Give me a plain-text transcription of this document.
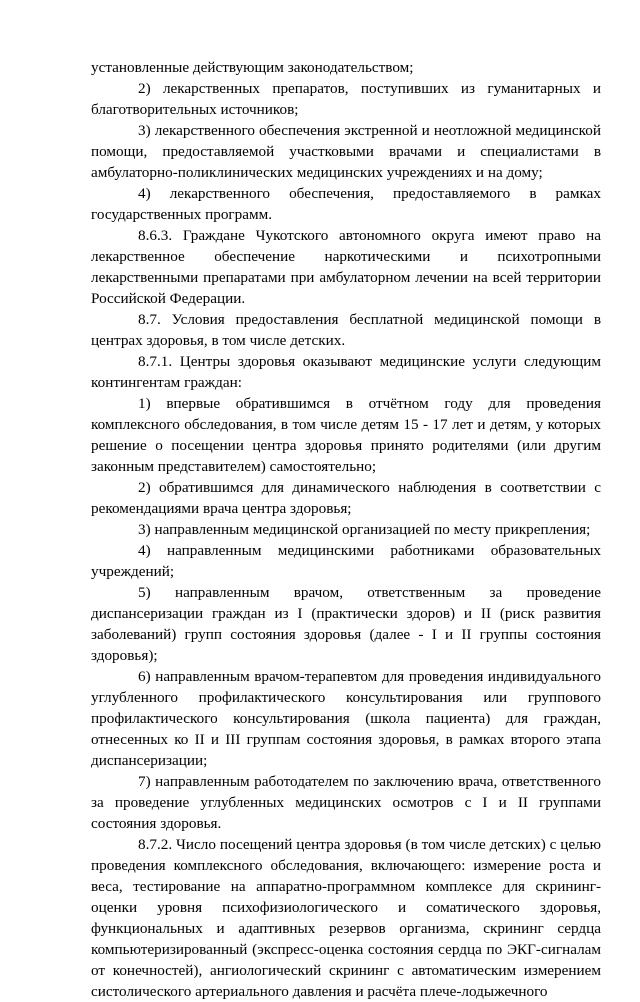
установленные действующим законодательством;

2) лекарственных препаратов, поступивших из гуманитарных и благотворительных источников;

3) лекарственного обеспечения экстренной и неотложной медицинской помощи, предоставляемой участковыми врачами и специалистами в амбулаторно-поликлинических медицинских учреждениях и на дому;

4) лекарственного обеспечения, предоставляемого в рамках государственных программ.

8.6.3. Граждане Чукотского автономного округа имеют право на лекарственное обеспечение наркотическими и психотропными лекарственными препаратами при амбулаторном лечении на всей территории Российской Федерации.

8.7. Условия предоставления бесплатной медицинской помощи в центрах здоровья, в том числе детских.

8.7.1. Центры здоровья оказывают медицинские услуги следующим контингентам граждан:

1) впервые обратившимся в отчётном году для проведения комплексного обследования, в том числе детям 15 - 17 лет и детям, у которых решение о посещении центра здоровья принято родителями (или другим законным представителем) самостоятельно;

2) обратившимся для динамического наблюдения в соответствии с рекомендациями врача центра здоровья;

3) направленным медицинской организацией по месту прикрепления;

4) направленным медицинскими работниками образовательных учреждений;

5) направленным врачом, ответственным за проведение диспансеризации граждан из I (практически здоров) и II (риск развития заболеваний) групп состояния здоровья (далее - I и II группы состояния здоровья);

6) направленным врачом-терапевтом для проведения индивидуального углубленного профилактического консультирования или группового профилактического консультирования (школа пациента) для граждан, отнесенных ко II и III группам состояния здоровья, в рамках второго этапа диспансеризации;

7) направленным работодателем по заключению врача, ответственного за проведение углубленных медицинских осмотров с I и II группами состояния здоровья.

8.7.2. Число посещений центра здоровья (в том числе детских) с целью проведения комплексного обследования, включающего: измерение роста и веса, тестирование на аппаратно-программном комплексе для скрининг-оценки уровня психофизиологического и соматического здоровья, функциональных и адаптивных резервов организма, скрининг сердца компьютеризированный (экспресс-оценка состояния сердца по ЭКГ-сигналам от конечностей), ангиологический скрининг с автоматическим измерением систолического артериального давления и расчёта плече-лодыжечного
